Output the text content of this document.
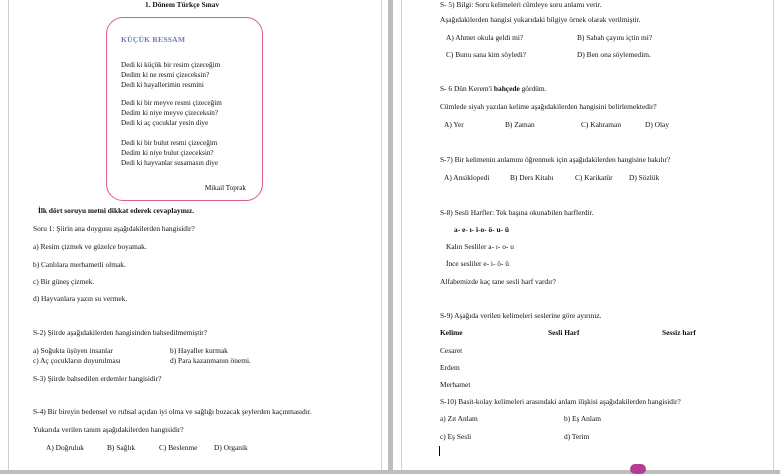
1. Dönem Türkçe Sınav
KÜÇÜK RESSAM
Dedi ki küçük bir resim çizeceğim
Dedim ki ne resmi çizeceksin?
Dedi ki hayallerimin resmini
Dedi ki bir meyve resmi çizeceğim
Dedim ki niye meyve çizeceksin?
Dedi ki aç çocuklar yesin diye
Dedi ki bir bulut resmi çizeceğim
Dedim ki niye bulut çizeceksin?
Dedi ki hayvanlar susamasın diye
Mikail Toprak
İlk dört soruyu metni dikkat ederek cevaplayınız.
Soru 1: Şiirin ana duygusu aşağıdakilerden hangisidir?
a) Resim çizmek ve güzelce boyamak.
b) Canlılara merhametli olmak.
c) Bir güneş çizmek.
d) Hayvanlara yazın su vermek.
S-2) Şiirde aşağıdakilerden hangisinden bahsedilmemiştir?
a) Soğukta üşüyen insanlar	b) Hayaller kurmak
c) Aç çocukların duyurulması	d) Para kazanmanın önemi.
S-3) Şiirde bahsedilen erdemler hangisidir?
S-4) Bir bireyin bedensel ve ruhsal açıdan iyi olma ve sağlığı bozacak şeylerden kaçınmasıdır.
Yukarıda verilen tanım aşağıdakilerden hangisidir?
A) Doğruluk	B) Sağlık	C) Beslenme D) Organik
S- 5) Bilgi: Soru kelimeleri cümleye soru anlamı verir.
Aşağıdakilerden hangisi yukarıdaki bilgiye örnek olarak verilmiştir.
A) Ahmet okula geldi mi?	B) Sabah çayını içtin mi?
C) Bunu sana kim söyledi?	D) Ben ona söylemedim.
S- 6 Dün Kerem'i bahçede gördüm.
Cümlede siyah yazılan kelime aşağıdakilerden hangisini belirlemektedir?
A) Yer	B) Zaman	C) Kahraman	D) Olay
S-7) Bir kelimenin anlamını öğrenmek için aşağıdakilerden hangisine bakılır?
A) Ansiklopedi	B) Ders Kitabı	C) Karikatür D) Sözlük
S-8) Sesli Harfler: Tek başına okunabilen harflerdir.
a- e- ı- i-o- ö- u- ü
Kalın Sesliler a- ı- o- u
İnce sesliler e- i- ö- ü
Alfabemizde kaç tane sesli harf vardır?
S-9) Aşağıda verilen kelimeleri seslerine göre ayırınız.
Kelime	Sesli Harf	Sessiz harf
Cesaret
Erdem
Merhamet
S-10) Basit-kolay kelimeleri arasındaki anlam ilişkisi aşağıdakilerden hangisidir?
a) Zıt Anlam	b) Eş Anlam
c) Eş Sesli	d) Terim
